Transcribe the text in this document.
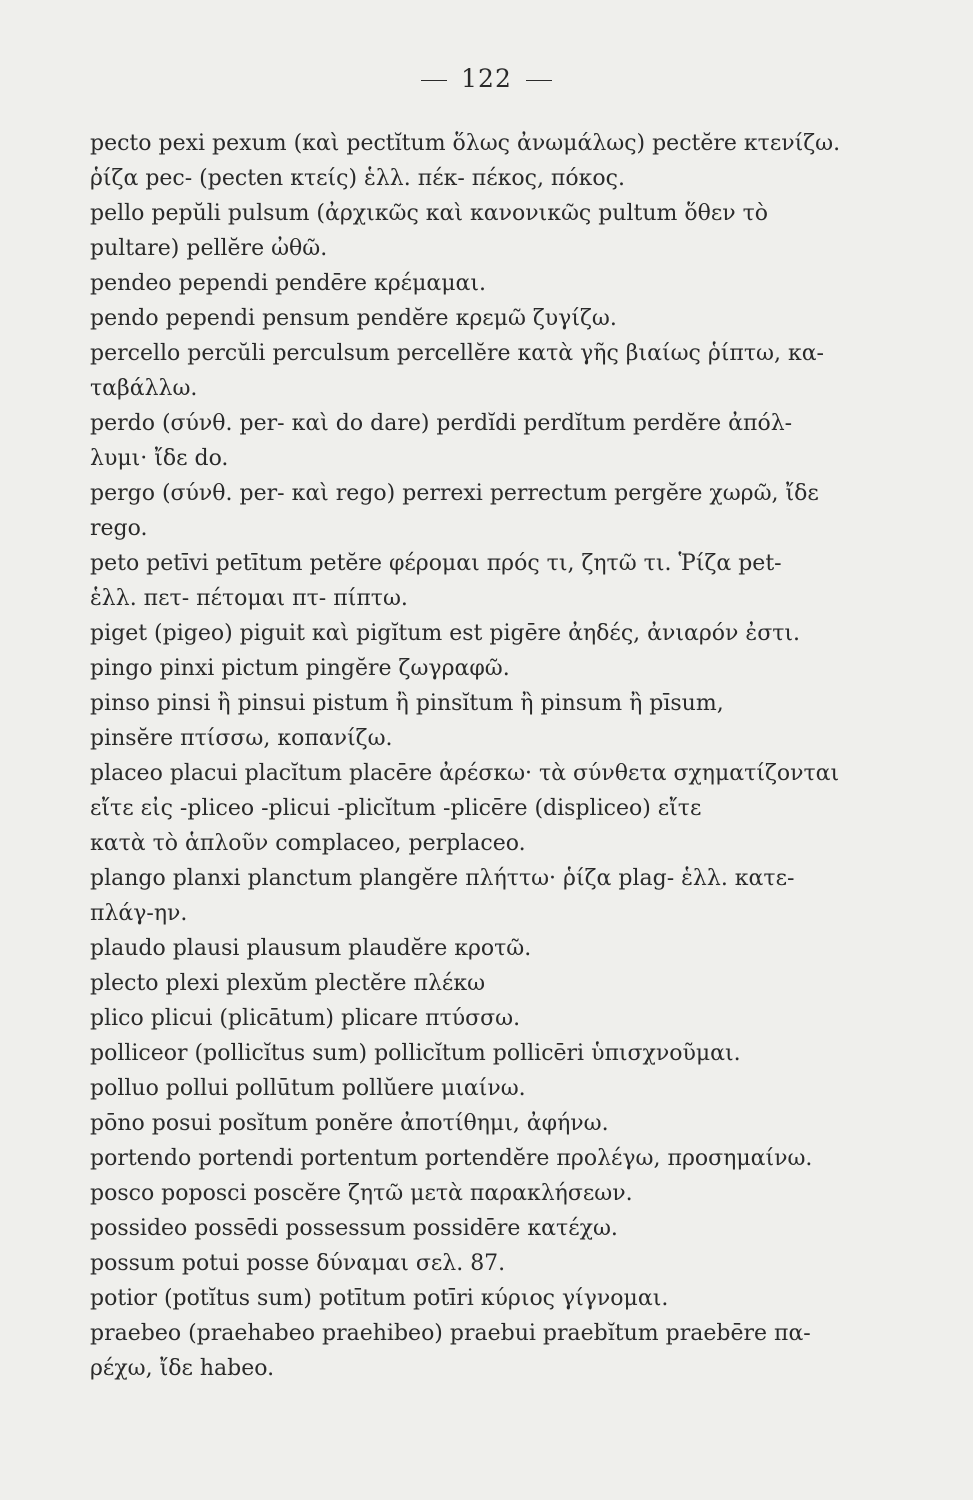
122
pecto pexi pexum (καὶ pectĭtum ὅλως ἀνωμάλως) pectĕre κτενίζω.
ῥίζα pec- (pecten κτείς) ἑλλ. πέκ- πέκος, πόκος.
pello pepŭli pulsum (ἀρχικῶς καὶ κανονικῶς pultum ὅθεν τὸ
pultare) pellĕre ὠθῶ.
pendeo pependi pendēre κρέμαμαι.
pendo pependi pensum pendĕre κρεμῶ ζυγίζω.
percello percŭli perculsum percellĕre κατὰ γῆς βιαίως ῥίπτω, κα-
ταβάλλω.
perdo (σύνθ. per- καὶ do dare) perdĭdi perdĭtum perdĕre ἀπόλ-
λυμι· ἴδε do.
pergo (σύνθ. per- καὶ rego) perrexi perrectum pergĕre χωρῶ, ἴδε
rego.
peto petīvi petītum petĕre φέρομαι πρός τι, ζητῶ τι. Ῥίζα pet-
ἑλλ. πετ- πέτομαι πτ- πίπτω.
piget (pigeo) piguit καὶ pigĭtum est pigēre ἀηδές, ἀνιαρόν ἐστι.
pingo pinxi pictum pingĕre ζωγραφῶ.
pinso pinsi ἢ pinsui pistum ἢ pinsĭtum ἢ pinsum ἢ pīsum,
pinsĕre πτίσσω, κοπανίζω.
placeo placui placĭtum placēre ἀρέσκω· τὰ σύνθετα σχηματίζονται
εἴτε εἰς -pliceo -plicui -plicĭtum -plicēre (displiceo) εἴτε
κατὰ τὸ ἁπλοῦν complaceo, perplaceo.
plango planxi planctum plangĕre πλήττω· ῥίζα plag- ἑλλ. κατε-
πλάγ-ην.
plaudo plausi plausum plaudĕre κροτῶ.
plecto plexi plexŭm plectĕre πλέκω
plico plicui (plicātum) plicare πτύσσω.
polliceor (pollicĭtus sum) pollicĭtum pollicēri ὑπισχνοῦμαι.
polluo pollui pollūtum pollŭere μιαίνω.
pōno posui posĭtum ponĕre ἀποτίθημι, ἀφήνω.
portendo portendi portentum portendĕre προλέγω, προσημαίνω.
posco poposci poscĕre ζητῶ μετὰ παρακλήσεων.
possideo possēdi possessum possidēre κατέχω.
possum potui posse δύναμαι σελ. 87.
potior (potĭtus sum) potītum potīri κύριος γίγνομαι.
praebeo (praehabeo praehibeo) praebui praebĭtum praebēre πα-
ρέχω, ἴδε habeo.
